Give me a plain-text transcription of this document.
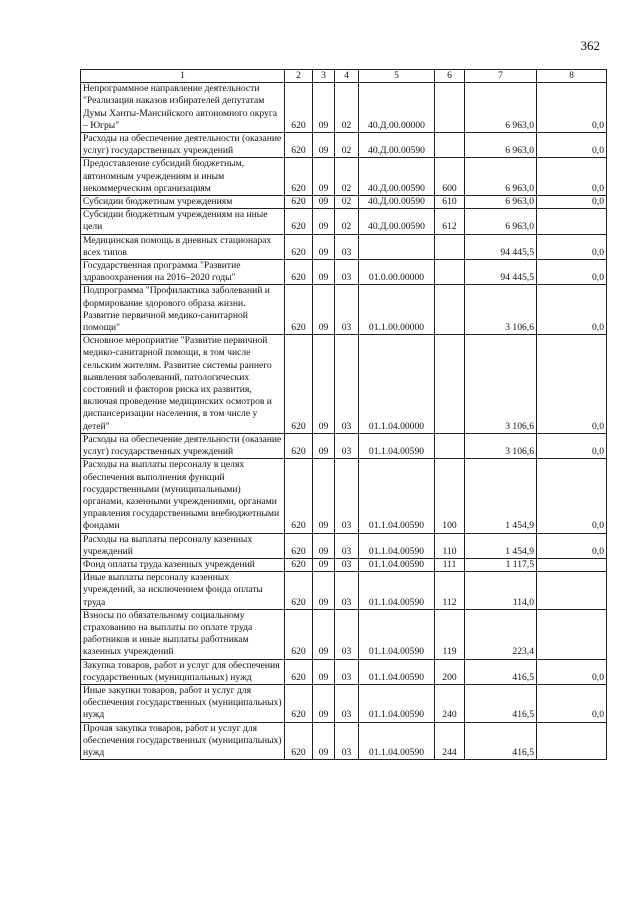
362
1	2	3	4	5	6	7	8
Непрограммное направление деятельности "Реализация наказов избирателей депутатам Думы Ханты-Мансийского автономного округа – Югры"	620	09	02	40.Д.00.00000		6 963,0	0,0
Расходы на обеспечение деятельности (оказание услуг) государственных учреждений	620	09	02	40.Д.00.00590		6 963,0	0,0
Предоставление субсидий бюджетным, автономным учреждениям и иным некоммерческим организациям	620	09	02	40.Д.00.00590	600	6 963,0	0,0
Субсидии бюджетным учреждениям	620	09	02	40.Д.00.00590	610	6 963,0	0,0
Субсидии бюджетным учреждениям на иные цели	620	09	02	40.Д.00.00590	612	6 963,0	
Медицинская помощь в дневных стационарах всех типов	620	09	03			94 445,5	0,0
Государственная программа "Развитие здравоохранения на 2016–2020 годы"	620	09	03	01.0.00.00000		94 445,5	0,0
Подпрограмма "Профилактика заболеваний и формирование здорового образа жизни. Развитие первичной медико-санитарной помощи"	620	09	03	01.1.00.00000		3 106,6	0,0
Основное мероприятие "Развитие первичной медико-санитарной помощи, в том числе сельским жителям. Развитие системы раннего выявления заболеваний, патологических состояний и факторов риска их развития, включая проведение медицинских осмотров и диспансеризации населения, в том числе у детей"	620	09	03	01.1.04.00000		3 106,6	0,0
Расходы на обеспечение деятельности (оказание услуг) государственных учреждений	620	09	03	01.1.04.00590		3 106,6	0,0
Расходы на выплаты персоналу в целях обеспечения выполнения функций государственными (муниципальными) органами, казенными учреждениями, органами управления государственными внебюджетными фондами	620	09	03	01.1.04.00590	100	1 454,9	0,0
Расходы на выплаты персоналу казенных учреждений	620	09	03	01.1.04.00590	110	1 454,9	0,0
Фонд оплаты труда казенных учреждений	620	09	03	01.1.04.00590	111	1 117,5	
Иные выплаты персоналу казенных учреждений, за исключением фонда оплаты труда	620	09	03	01.1.04.00590	112	114,0	
Взносы по обязательному социальному страхованию на выплаты по оплате труда работников и иные выплаты работникам казенных учреждений	620	09	03	01.1.04.00590	119	223,4	
Закупка товаров, работ и услуг для обеспечения государственных (муниципальных) нужд	620	09	03	01.1.04.00590	200	416,5	0,0
Иные закупки товаров, работ и услуг для обеспечения государственных (муниципальных) нужд	620	09	03	01.1.04.00590	240	416,5	0,0
Прочая закупка товаров, работ и услуг для обеспечения государственных (муниципальных) нужд	620	09	03	01.1.04.00590	244	416,5	
